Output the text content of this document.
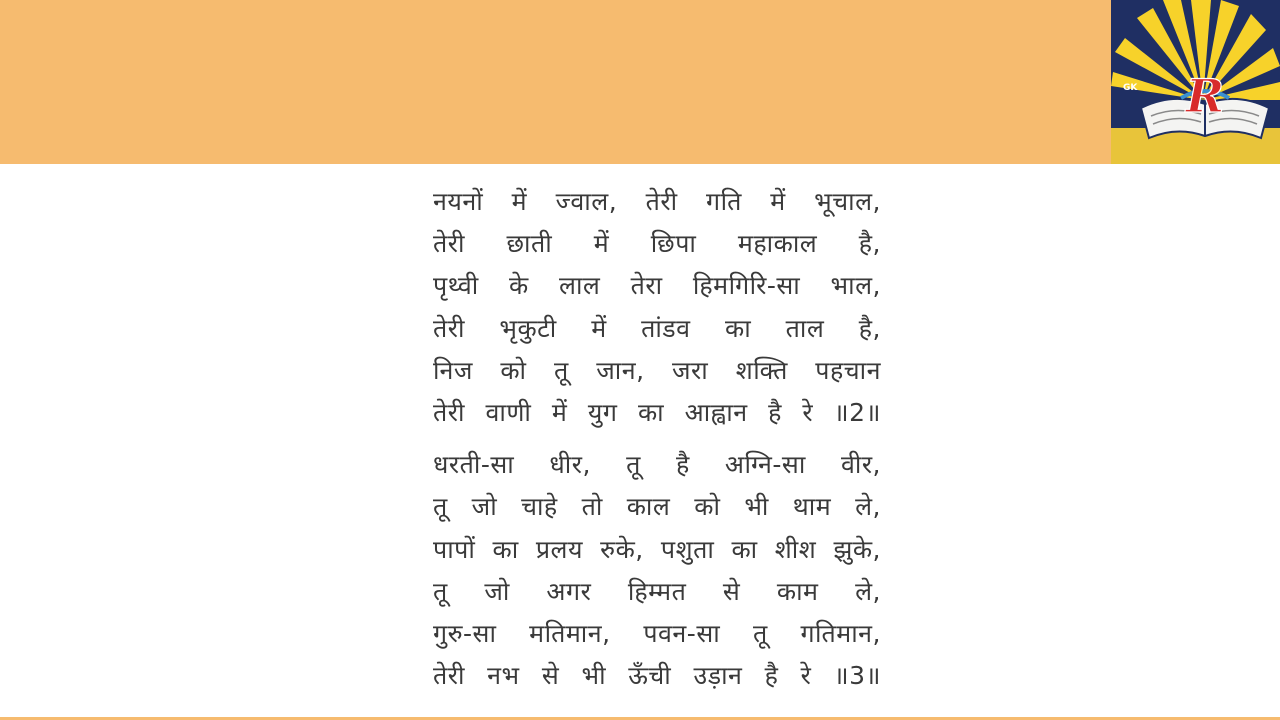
R
GK
नयनों में ज्वाल, तेरी गति में भूचाल,
तेरी छाती में छिपा महाकाल है,
पृथ्वी के लाल तेरा हिमगिरि-सा भाल,
तेरी भृकुटी में तांडव का ताल है,
निज को तू जान, जरा शक्ति पहचान
तेरी वाणी में युग का आह्वान है रे ॥2॥
धरती-सा धीर, तू है अग्नि-सा वीर,
तू जो चाहे तो काल को भी थाम ले,
पापों का प्रलय रुके, पशुता का शीश झुके,
तू जो अगर हिम्मत से काम ले,
गुरु-सा मतिमान, पवन-सा तू गतिमान,
तेरी नभ से भी ऊँची उड़ान है रे ॥3॥
